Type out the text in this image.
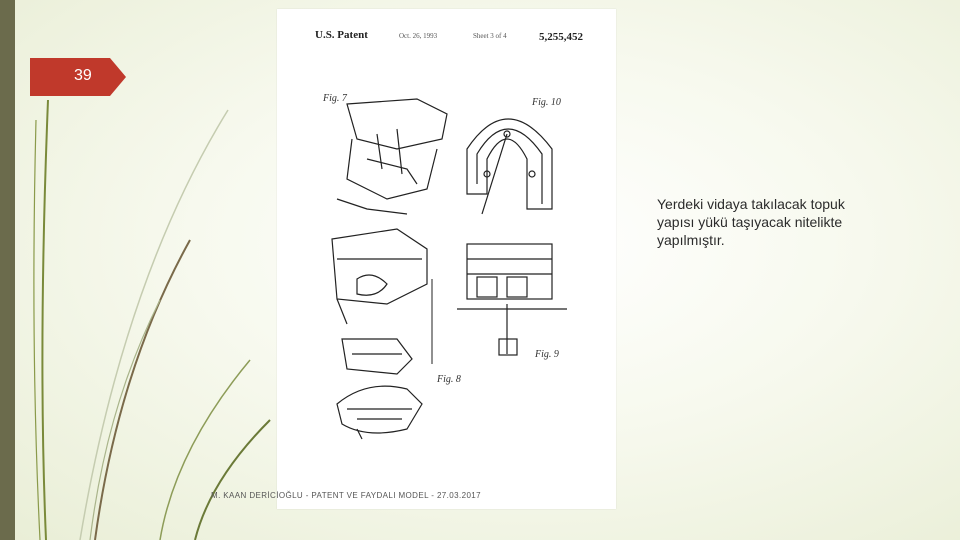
39
U.S. Patent	Oct. 26, 1993	Sheet 3 of 4	5,255,452
Fig. 7	Fig. 10
Fig. 8
Fig. 9
Yerdeki vidaya takılacak topuk yapısı yükü taşıyacak nitelikte yapılmıştır.
M. KAAN DERİCİOĞLU - PATENT VE FAYDALI MODEL - 27.03.2017
